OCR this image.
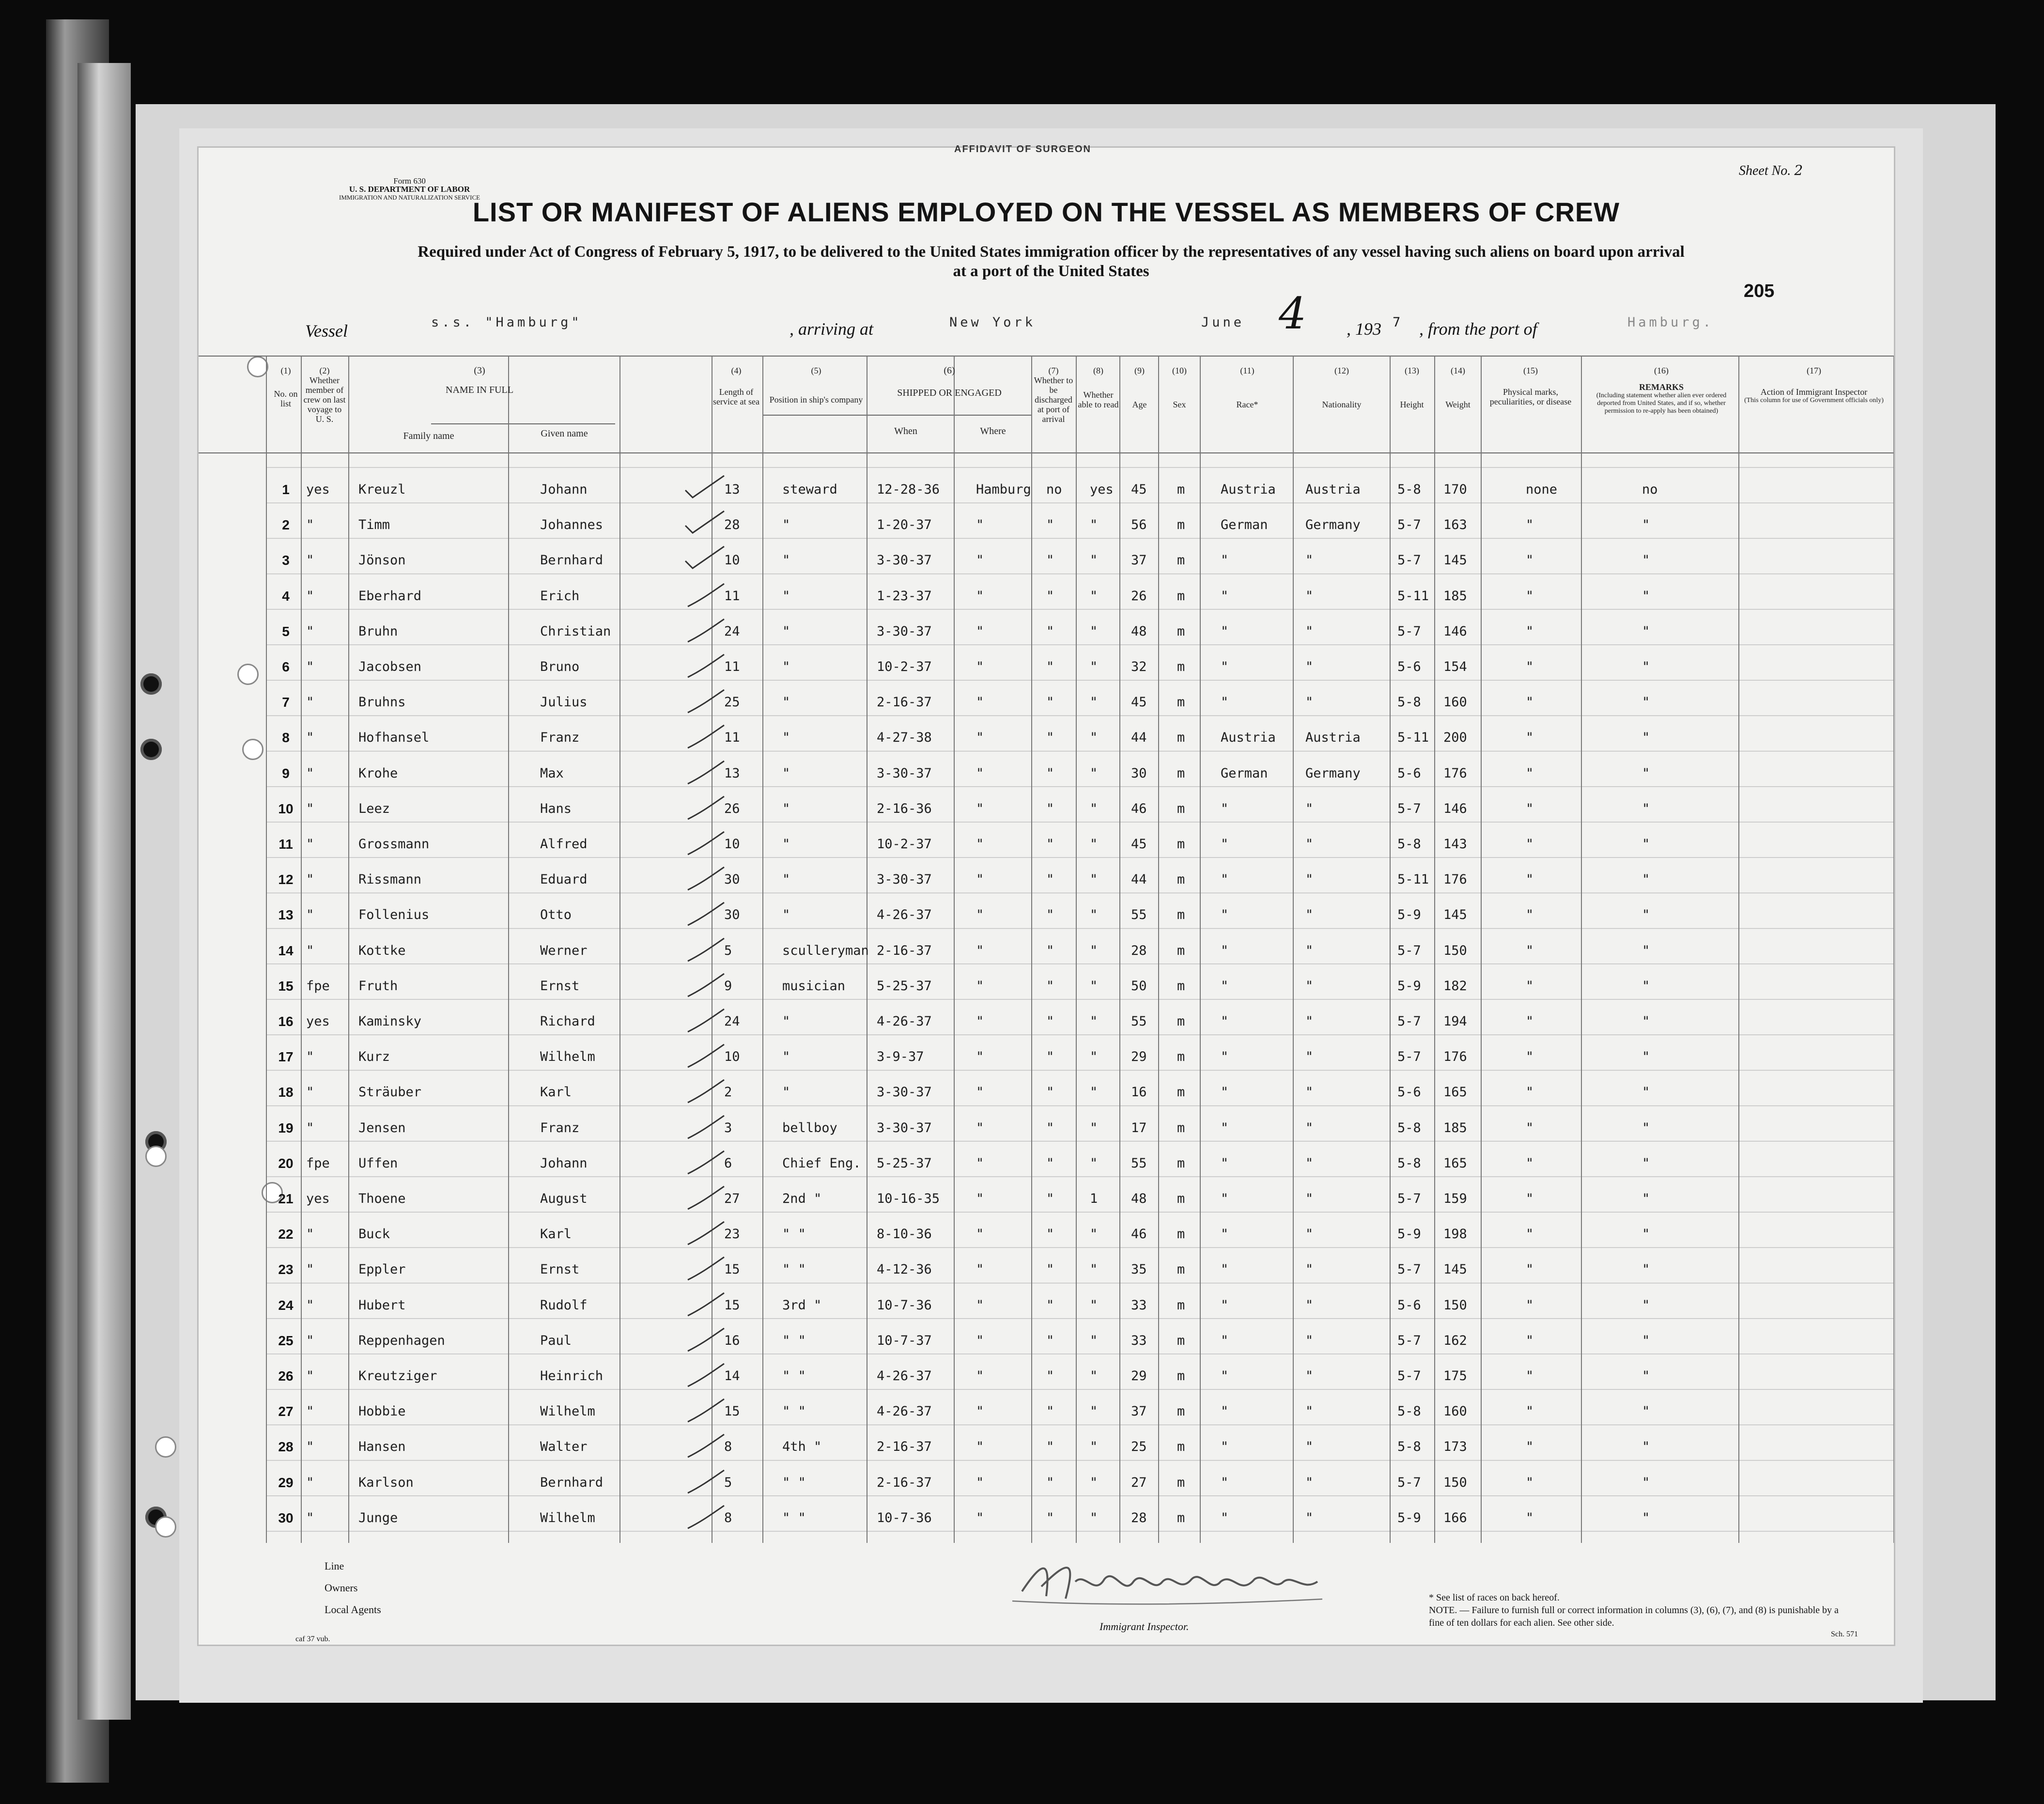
AFFIDAVIT OF SURGEON
Form 630
U. S. DEPARTMENT OF LABOR
IMMIGRATION AND NATURALIZATION SERVICE
Sheet No. 2
LIST OR MANIFEST OF ALIENS EMPLOYED ON THE VESSEL AS MEMBERS OF CREW
Required under Act of Congress of February 5, 1917, to be delivered to the United States immigration officer by the representatives of any vessel having such aliens on board upon arrival
at a port of the United States
205
Vessel	s.s. "Hamburg"	, arriving at	New York	June 4 , 193 7 , from the port of	Hamburg.
(1)
No. on list
(2)
Whether member of crew on last voyage to U. S.
(3)
NAME IN FULL
Family name	Given name
(4)
Length of service at sea
(5)
Position in ship's company
(6)
SHIPPED OR ENGAGED
When	Where
(7)
Whether to be discharged at port of arrival
(8)
Whether able to read
(9)
Age
(10)
Sex
(11)
Race*
(12)
Nationality
(13)
Height
(14)
Weight
(15)
Physical marks, peculiarities, or disease
(16)
REMARKS
(Including statement whether alien ever ordered deported from United States, and if so, whether permission to re-apply has been obtained)
(17)
Action of Immigrant Inspector
(This column for use of Government officials only)
1	yes Kreuzl	Johann	13	steward	12-28-36	Hamburg no yes 45 m	Austria Austria	5-8 170	none	no
2	"	Timm	Johannes	28	"	1-20-37	"	"	"	56 m	German	Germany	5-7 163	"	"
3	"	Jönson	Bernhard	10	"	3-30-37	"	"	"	37 m	"	"	5-7 145	"	"
4	"	Eberhard	Erich	11	"	1-23-37	"	"	"	26 m	"	"	5-11 185	"	"
5	"	Bruhn	Christian	24	"	3-30-37	"	"	"	48 m	"	"	5-7 146	"	"
6	"	Jacobsen	Bruno	11	"	10-2-37	"	"	"	32 m	"	"	5-6 154	"	"
7	"	Bruhns	Julius	25	"	2-16-37	"	"	"	45 m	"	"	5-8 160	"	"
8	"	Hofhansel	Franz	11	"	4-27-38	"	"	"	44 m	Austria Austria	5-11 200	"	"
9	"	Krohe	Max	13	"	3-30-37	"	"	"	30 m	German	Germany	5-6 176	"	"
10 "	Leez	Hans	26	"	2-16-36	"	"	"	46 m	"	"	5-7 146	"	"
11	"	Grossmann	Alfred	10	"	10-2-37	"	"	"	45 m	"	"	5-8 143	"	"
12 "	Rissmann	Eduard	30	"	3-30-37	"	"	"	44 m	"	"	5-11 176	"	"
13 "	Follenius	Otto	30	"	4-26-37	"	"	"	55 m	"	"	5-9 145	"	"
14 "	Kottke	Werner	5	sculleryman 2-16-37	"	"	"	28 m	"	"	5-7 150	"	"
15 fpe Fruth	Ernst	9	musician 5-25-37	"	"	"	50 m	"	"	5-9 182	"	"
16 yes Kaminsky	Richard	24	"	4-26-37	"	"	"	55 m	"	"	5-7 194	"	"
17 "	Kurz	Wilhelm	10	"	3-9-37	"	"	"	29 m	"	"	5-7 176	"	"
18 "	Sträuber	Karl	2	"	3-30-37	"	"	"	16 m	"	"	5-6 165	"	"
19 "	Jensen	Franz	3	bellboy	3-30-37	"	"	"	17 m	"	"	5-8 185	"	"
20 fpe Uffen	Johann	6	Chief Eng. 5-25-37	"	"	"	55 m	"	"	5-8 165	"	"
21 yes Thoene	August	27	2nd "	10-16-35	"	"	1	48 m	"	"	5-7 159	"	"
22 "	Buck	Karl	23	" "	8-10-36	"	"	"	46 m	"	"	5-9 198	"	"
23 "	Eppler	Ernst	15	" "	4-12-36	"	"	"	35 m	"	"	5-7 145	"	"
24 "	Hubert	Rudolf	15	3rd "	10-7-36	"	"	"	33 m	"	"	5-6 150	"	"
25 "	Reppenhagen	Paul	16	" "	10-7-37	"	"	"	33 m	"	"	5-7 162	"	"
26 "	Kreutziger	Heinrich	14	" "	4-26-37	"	"	"	29 m	"	"	5-7 175	"	"
27 "	Hobbie	Wilhelm	15	" "	4-26-37	"	"	"	37 m	"	"	5-8 160	"	"
28 "	Hansen	Walter	8	4th "	2-16-37	"	"	"	25 m	"	"	5-8 173	"	"
29 "	Karlson	Bernhard	5	" "	2-16-37	"	"	"	27 m	"	"	5-7 150	"	"
30 "	Junge	Wilhelm	8	" "	10-7-36	"	"	"	28 m	"	"	5-9 166	"	"
Line
Owners
Local Agents
Immigrant Inspector.
* See list of races on back hereof.
NOTE. — Failure to furnish full or correct information in columns (3), (6), (7), and (8) is punishable by a fine of ten dollars for each alien. See other side.
Sch. 571
caf 37 vub.
